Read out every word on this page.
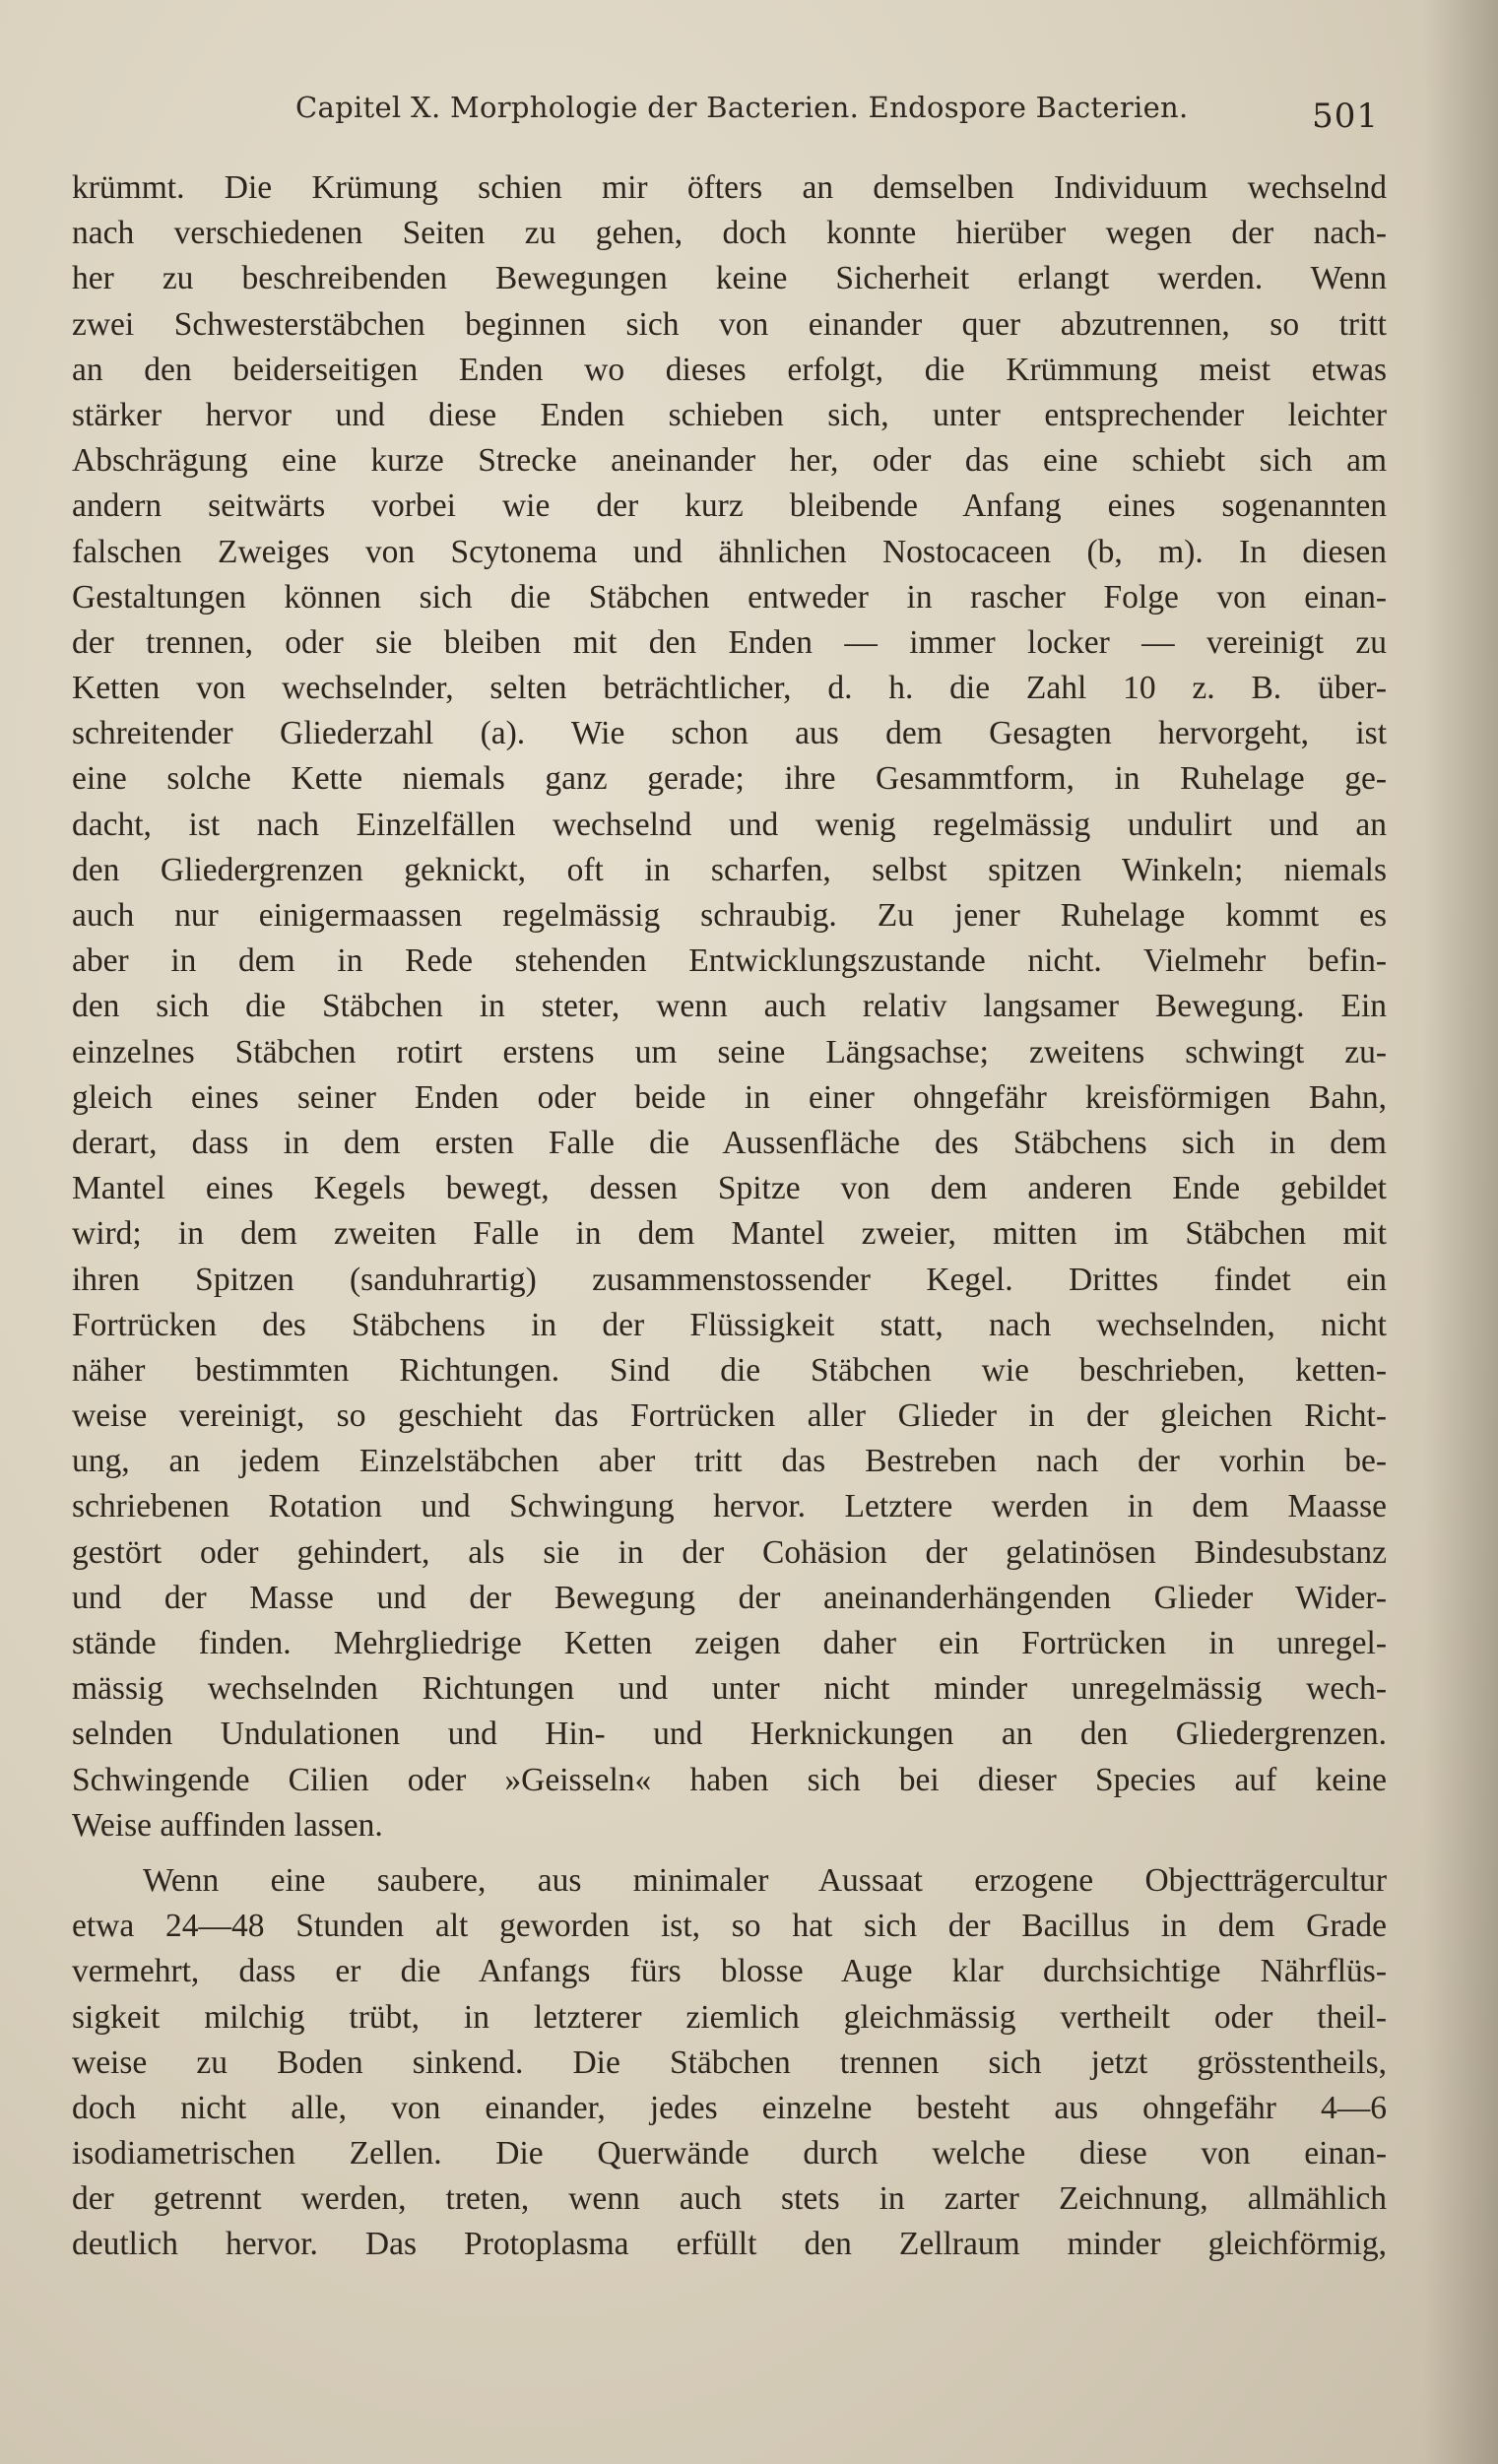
Capitel X. Morphologie der Bacterien. Endospore Bacterien.	501
krümmt. Die Krümung schien mir öfters an demselben Individuum wechselnd
nach verschiedenen Seiten zu gehen, doch konnte hierüber wegen der nach-
her zu beschreibenden Bewegungen keine Sicherheit erlangt werden. Wenn
zwei Schwesterstäbchen beginnen sich von einander quer abzutrennen, so tritt
an den beiderseitigen Enden wo dieses erfolgt, die Krümmung meist etwas
stärker hervor und diese Enden schieben sich, unter entsprechender leichter
Abschrägung eine kurze Strecke aneinander her, oder das eine schiebt sich am
andern seitwärts vorbei wie der kurz bleibende Anfang eines sogenannten
falschen Zweiges von Scytonema und ähnlichen Nostocaceen (b, m). In diesen
Gestaltungen können sich die Stäbchen entweder in rascher Folge von einan-
der trennen, oder sie bleiben mit den Enden — immer locker — vereinigt zu
Ketten von wechselnder, selten beträchtlicher, d. h. die Zahl 10 z. B. über-
schreitender Gliederzahl (a). Wie schon aus dem Gesagten hervorgeht, ist
eine solche Kette niemals ganz gerade; ihre Gesammtform, in Ruhelage ge-
dacht, ist nach Einzelfällen wechselnd und wenig regelmässig undulirt und an
den Gliedergrenzen geknickt, oft in scharfen, selbst spitzen Winkeln; niemals
auch nur einigermaassen regelmässig schraubig. Zu jener Ruhelage kommt es
aber in dem in Rede stehenden Entwicklungszustande nicht. Vielmehr befin-
den sich die Stäbchen in steter, wenn auch relativ langsamer Bewegung. Ein
einzelnes Stäbchen rotirt erstens um seine Längsachse; zweitens schwingt zu-
gleich eines seiner Enden oder beide in einer ohngefähr kreisförmigen Bahn,
derart, dass in dem ersten Falle die Aussenfläche des Stäbchens sich in dem
Mantel eines Kegels bewegt, dessen Spitze von dem anderen Ende gebildet
wird; in dem zweiten Falle in dem Mantel zweier, mitten im Stäbchen mit
ihren Spitzen (sanduhrartig) zusammenstossender Kegel. Drittes findet ein
Fortrücken des Stäbchens in der Flüssigkeit statt, nach wechselnden, nicht
näher bestimmten Richtungen. Sind die Stäbchen wie beschrieben, ketten-
weise vereinigt, so geschieht das Fortrücken aller Glieder in der gleichen Richt-
ung, an jedem Einzelstäbchen aber tritt das Bestreben nach der vorhin be-
schriebenen Rotation und Schwingung hervor. Letztere werden in dem Maasse
gestört oder gehindert, als sie in der Cohäsion der gelatinösen Bindesubstanz
und der Masse und der Bewegung der aneinanderhängenden Glieder Wider-
stände finden. Mehrgliedrige Ketten zeigen daher ein Fortrücken in unregel-
mässig wechselnden Richtungen und unter nicht minder unregelmässig wech-
selnden Undulationen und Hin- und Herknickungen an den Gliedergrenzen.
Schwingende Cilien oder »Geisseln« haben sich bei dieser Species auf keine
Weise auffinden lassen.
Wenn eine saubere, aus minimaler Aussaat erzogene Objectträgercultur
etwa 24—48 Stunden alt geworden ist, so hat sich der Bacillus in dem Grade
vermehrt, dass er die Anfangs fürs blosse Auge klar durchsichtige Nährflüs-
sigkeit milchig trübt, in letzterer ziemlich gleichmässig vertheilt oder theil-
weise zu Boden sinkend. Die Stäbchen trennen sich jetzt grösstentheils,
doch nicht alle, von einander, jedes einzelne besteht aus ohngefähr 4—6
isodiametrischen Zellen. Die Querwände durch welche diese von einan-
der getrennt werden, treten, wenn auch stets in zarter Zeichnung, allmählich
deutlich hervor. Das Protoplasma erfüllt den Zellraum minder gleichförmig,
